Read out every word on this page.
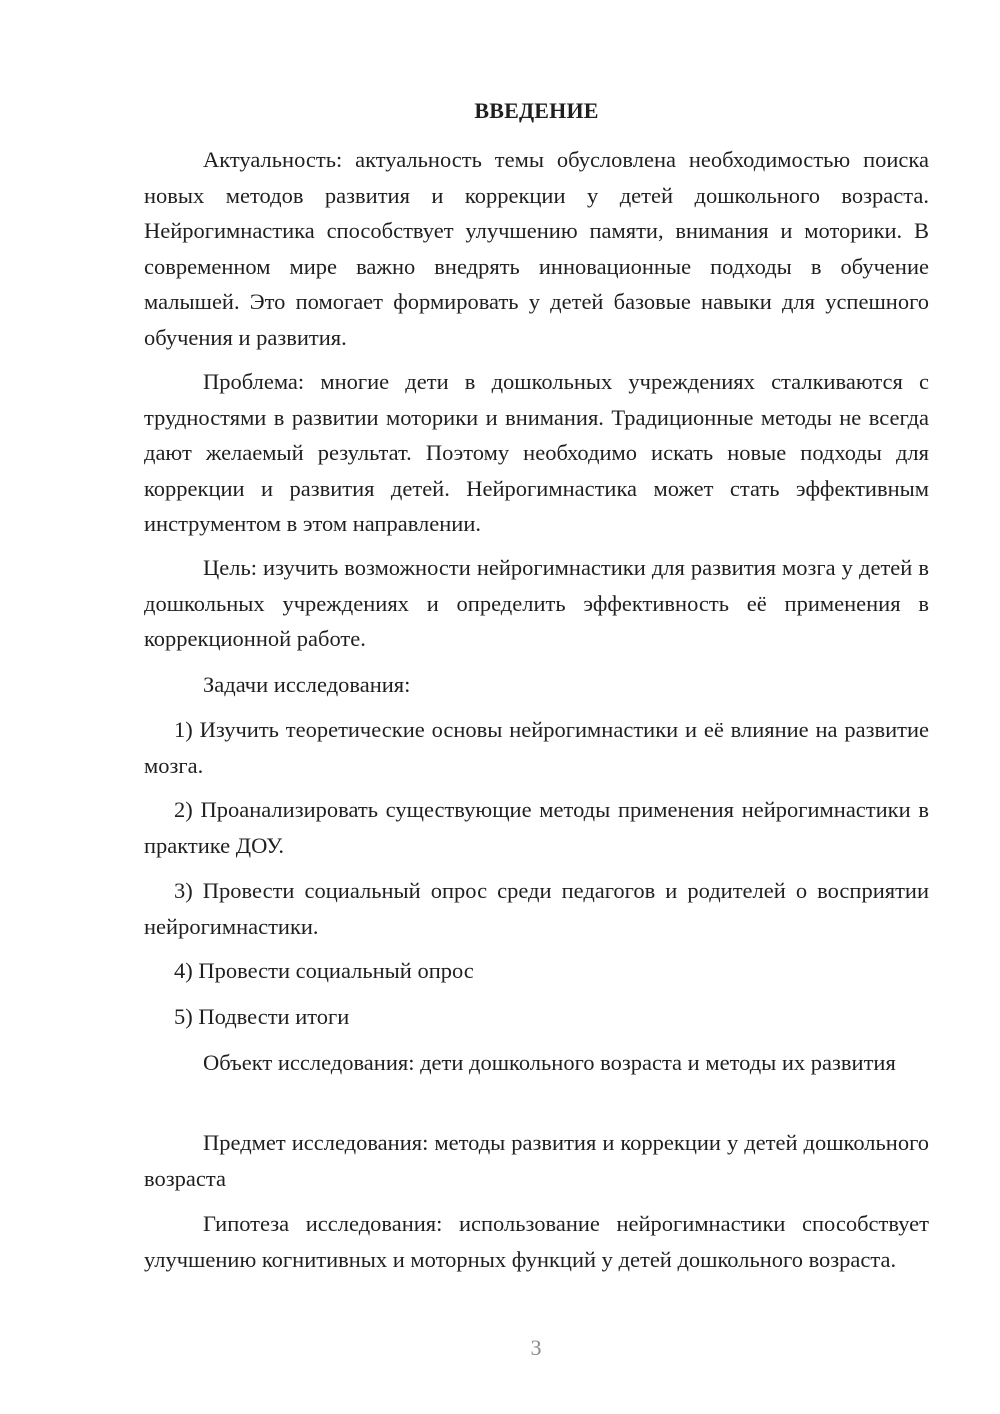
ВВЕДЕНИЕ

Актуальность: актуальность темы обусловлена необходимостью поиска новых методов развития и коррекции у детей дошкольного возраста. Нейрогимнастика способствует улучшению памяти, внимания и моторики. В современном мире важно внедрять инновационные подходы в обучение малышей. Это помогает формировать у детей базовые навыки для успешного обучения и развития.

Проблема: многие дети в дошкольных учреждениях сталкиваются с трудностями в развитии моторики и внимания. Традиционные методы не всегда дают желаемый результат. Поэтому необходимо искать новые подходы для коррекции и развития детей. Нейрогимнастика может стать эффективным инструментом в этом направлении.

Цель: изучить возможности нейрогимнастики для развития мозга у детей в дошкольных учреждениях и определить эффективность её применения в коррекционной работе.

Задачи исследования:

1) Изучить теоретические основы нейрогимнастики и её влияние на развитие мозга.

2) Проанализировать существующие методы применения нейрогимнастики в практике ДОУ.

3) Провести социальный опрос среди педагогов и родителей о восприятии нейрогимнастики.

4) Провести социальный опрос

5) Подвести итоги

Объект исследования: дети дошкольного возраста и методы их развития

Предмет исследования: методы развития и коррекции у детей дошкольного возраста

Гипотеза исследования: использование нейрогимнастики способствует улучшению когнитивных и моторных функций у детей дошкольного возраста.

3
